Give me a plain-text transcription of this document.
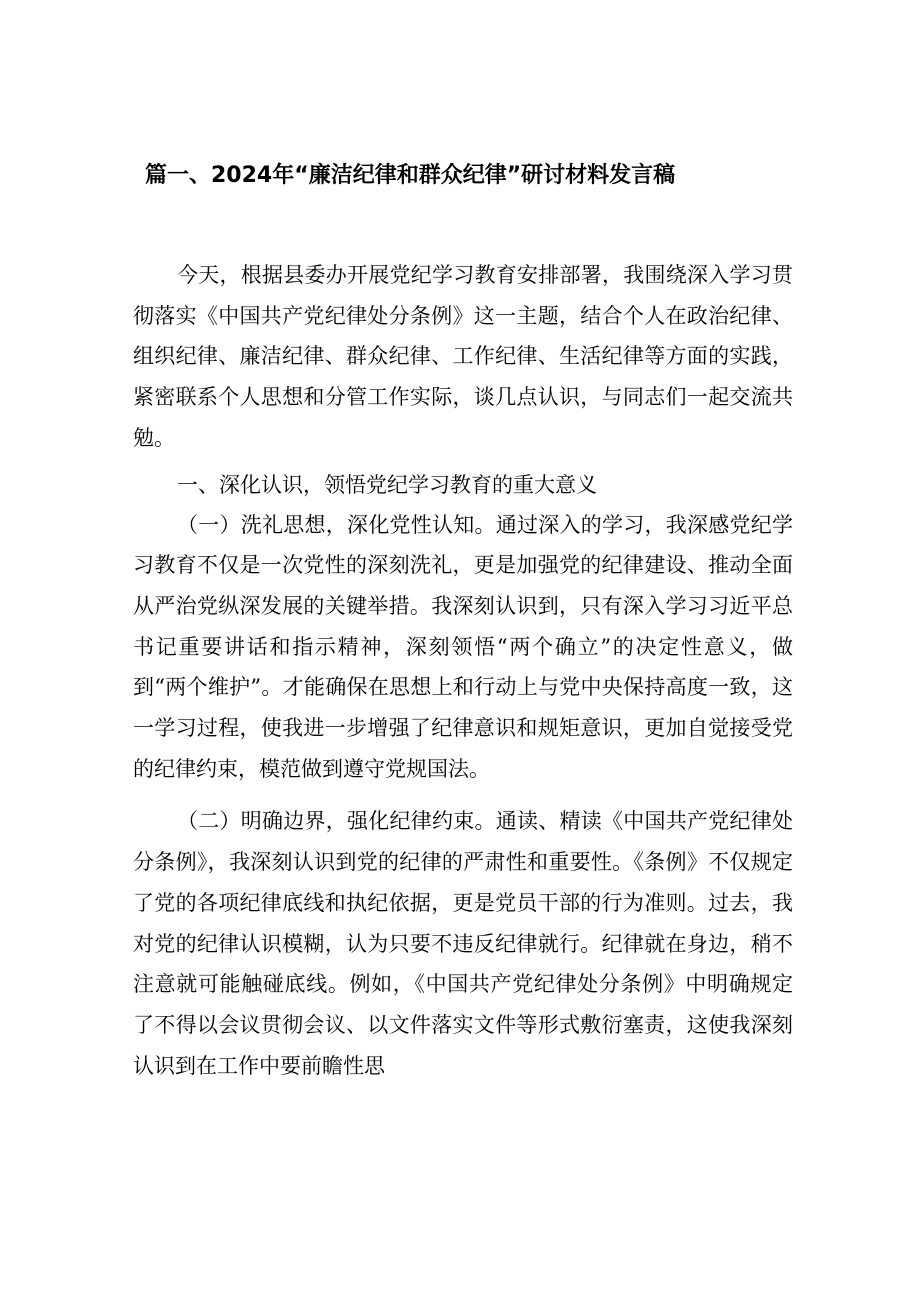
篇一、2024年“廉洁纪律和群众纪律”研讨材料发言稿

今天，根据县委办开展党纪学习教育安排部署，我围绕深入学习贯彻落实《中国共产党纪律处分条例》这一主题，结合个人在政治纪律、组织纪律、廉洁纪律、群众纪律、工作纪律、生活纪律等方面的实践，紧密联系个人思想和分管工作实际，谈几点认识，与同志们一起交流共勉。

一、深化认识，领悟党纪学习教育的重大意义

（一）洗礼思想，深化党性认知。通过深入的学习，我深感党纪学习教育不仅是一次党性的深刻洗礼，更是加强党的纪律建设、推动全面从严治党纵深发展的关键举措。我深刻认识到，只有深入学习习近平总书记重要讲话和指示精神，深刻领悟“两个确立”的决定性意义，做到“两个维护”。才能确保在思想上和行动上与党中央保持高度一致，这一学习过程，使我进一步增强了纪律意识和规矩意识，更加自觉接受党的纪律约束，模范做到遵守党规国法。

（二）明确边界，强化纪律约束。通读、精读《中国共产党纪律处分条例》，我深刻认识到党的纪律的严肃性和重要性。《条例》不仅规定了党的各项纪律底线和执纪依据，更是党员干部的行为准则。过去，我对党的纪律认识模糊，认为只要不违反纪律就行。纪律就在身边，稍不注意就可能触碰底线。例如，《中国共产党纪律处分条例》中明确规定了不得以会议贯彻会议、以文件落实文件等形式敷衍塞责，这使我深刻认识到在工作中要前瞻性思
